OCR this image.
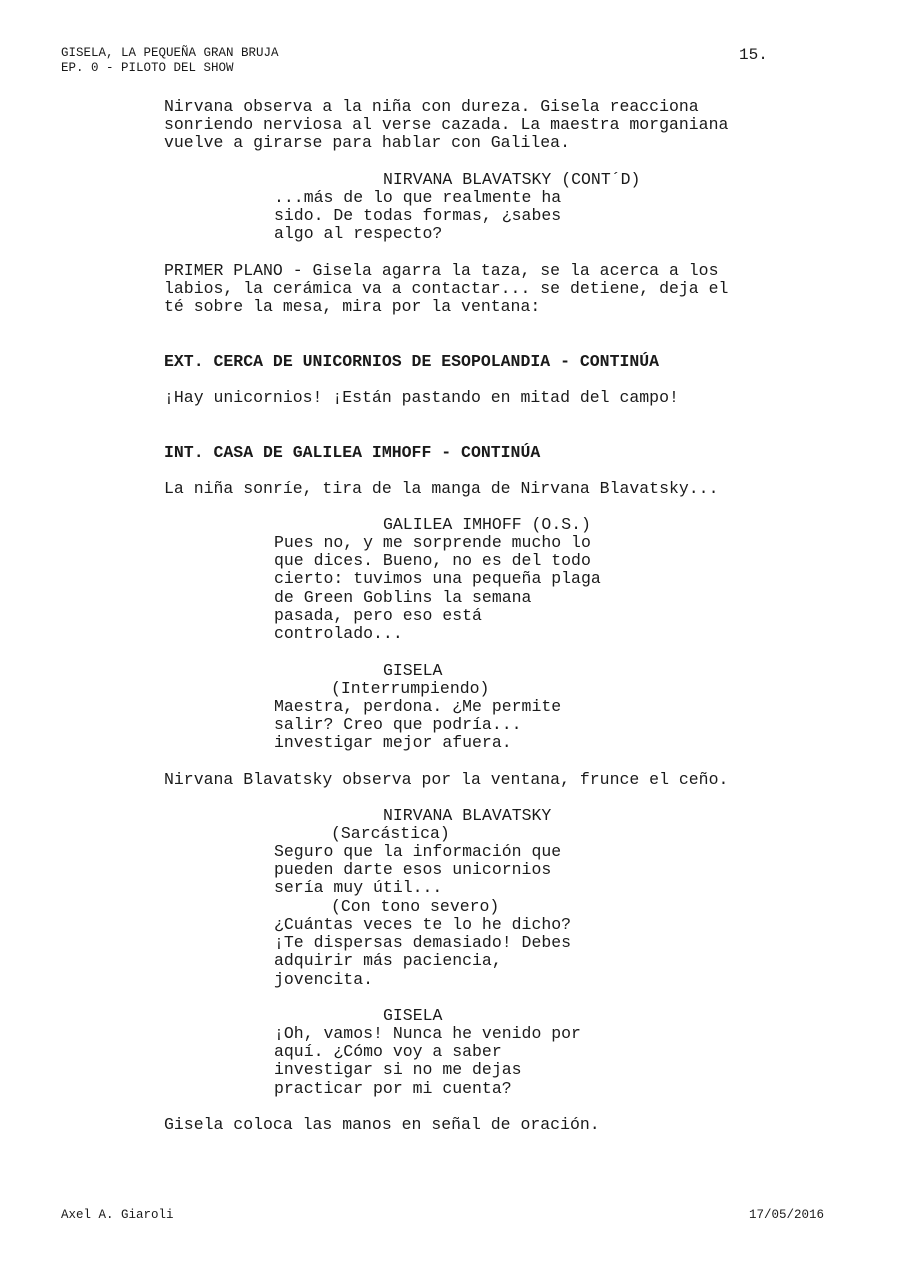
GISELA, LA PEQUEÑA GRAN BRUJA
EP. 0 - PILOTO DEL SHOW
15.

Nirvana observa a la niña con dureza. Gisela reacciona
sonriendo nerviosa al verse cazada. La maestra morganiana
vuelve a girarse para hablar con Galilea.

NIRVANA BLAVATSKY (CONT´D)

...más de lo que realmente ha
sido. De todas formas, ¿sabes
algo al respecto?

PRIMER PLANO - Gisela agarra la taza, se la acerca a los
labios, la cerámica va a contactar... se detiene, deja el
té sobre la mesa, mira por la ventana:

EXT. CERCA DE UNICORNIOS DE ESOPOLANDIA - CONTINÚA

¡Hay unicornios! ¡Están pastando en mitad del campo!

INT. CASA DE GALILEA IMHOFF - CONTINÚA

La niña sonríe, tira de la manga de Nirvana Blavatsky...

GALILEA IMHOFF (O.S.)

Pues no, y me sorprende mucho lo
que dices. Bueno, no es del todo
cierto: tuvimos una pequeña plaga
de Green Goblins la semana
pasada, pero eso está
controlado...

GISELA

(Interrumpiendo)

Maestra, perdona. ¿Me permite
salir? Creo que podría...
investigar mejor afuera.

Nirvana Blavatsky observa por la ventana, frunce el ceño.

NIRVANA BLAVATSKY

(Sarcástica)

Seguro que la información que
pueden darte esos unicornios
sería muy útil...

(Con tono severo)

¿Cuántas veces te lo he dicho?
¡Te dispersas demasiado! Debes
adquirir más paciencia,
jovencita.

GISELA

¡Oh, vamos! Nunca he venido por
aquí. ¿Cómo voy a saber
investigar si no me dejas
practicar por mi cuenta?

Gisela coloca las manos en señal de oración.

Axel A. Giaroli	17/05/2016
